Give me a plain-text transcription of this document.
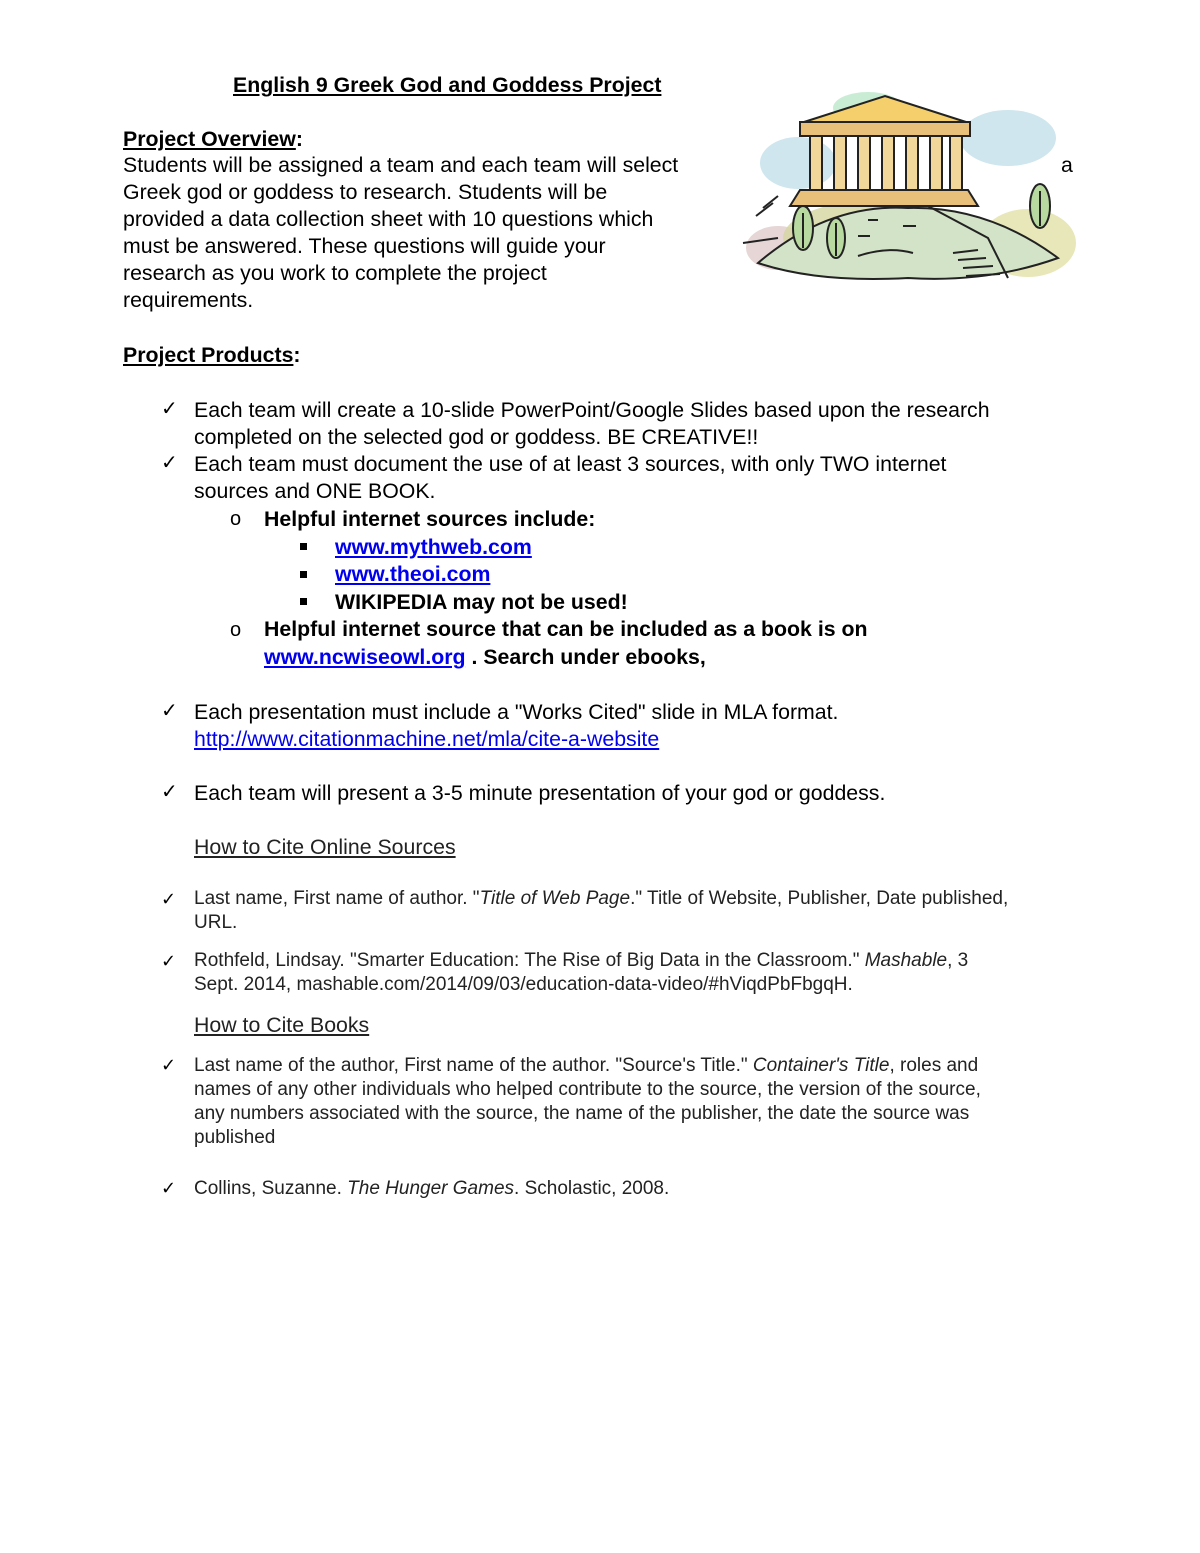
English 9 Greek God and Goddess Project
Project Overview:
Students will be assigned a team and each team will select
Greek god or goddess to research. Students will be
provided a data collection sheet with 10 questions which
must be answered. These questions will guide your
research as you work to complete the project
requirements.
a
Project Products:
✓ Each team will create a 10-slide PowerPoint/Google Slides based upon the research
completed on the selected god or goddess. BE CREATIVE!!
✓ Each team must document the use of at least 3 sources, with only TWO internet
sources and ONE BOOK.
o Helpful internet sources include:
www.mythweb.com
www.theoi.com
WIKIPEDIA may not be used!
o Helpful internet source that can be included as a book is on
www.ncwiseowl.org . Search under ebooks,
✓ Each presentation must include a "Works Cited" slide in MLA format.
http://www.citationmachine.net/mla/cite-a-website
✓ Each team will present a 3-5 minute presentation of your god or goddess.
How to Cite Online Sources
✓ Last name, First name of author. "Title of Web Page." Title of Website, Publisher, Date published,
URL.
✓ Rothfeld, Lindsay. "Smarter Education: The Rise of Big Data in the Classroom." Mashable, 3
Sept. 2014, mashable.com/2014/09/03/education-data-video/#hViqdPbFbgqH.
How to Cite Books
✓ Last name of the author, First name of the author. "Source's Title." Container's Title, roles and
names of any other individuals who helped contribute to the source, the version of the source,
any numbers associated with the source, the name of the publisher, the date the source was
published
✓ Collins, Suzanne. The Hunger Games. Scholastic, 2008.
